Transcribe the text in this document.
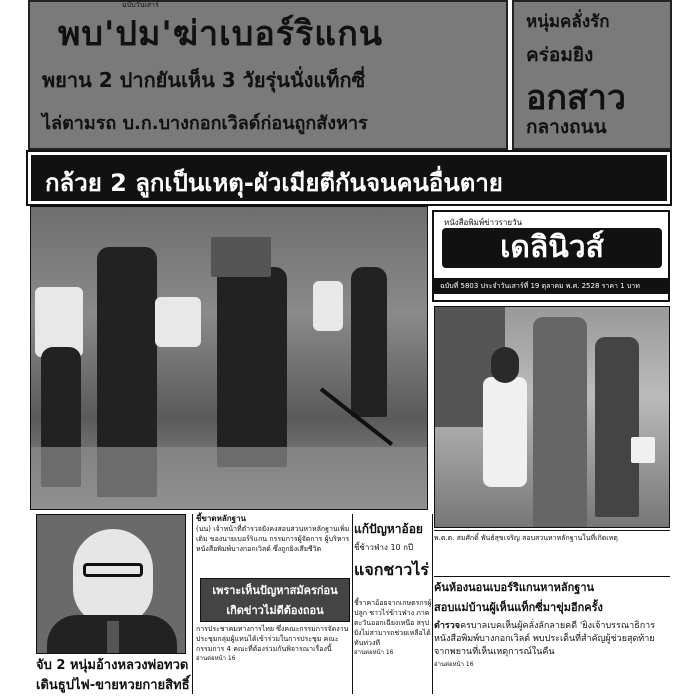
ฉบับวันเสาร์
พบ'ปม'ฆ่าเบอร์ริแกน
พยาน 2 ปากยันเห็น 3 วัยรุ่นนั่งแท็กซี่
ไล่ตามรถ บ.ก.บางกอกเวิลด์ก่อนถูกสังหาร
หนุ่มคลั่งรัก
คร่อมยิง
อกสาว
กลางถนน
กล้วย 2 ลูกเป็นเหตุ-ผัวเมียตีกันจนคนอื่นตาย
หนังสือพิมพ์ข่าวรายวัน
เดลินิวส์
ฉบับที่ 5803 ประจำวันเสาร์ที่ 19 ตุลาคม พ.ศ. 2528 ราคา 1 บาท
พ.ต.ต. สมศักดิ์ พันธ์สุขเจริญ สอบสวนหาหลักฐานในที่เกิดเหตุ
จับ 2 หนุ่มอ้างหลวงพ่อทวด
เดินธูปไฟ-ขายหวยกายสิทธิ์
ชี้ขาดหลักฐาน
(นน) เจ้าหน้าที่ตำรวจยังคงสอบสวนหาหลักฐานเพิ่มเติม ของนายเบอร์ริแกน กรรมการผู้จัดการ ผู้บริหารหนังสือพิมพ์บางกอกเวิลด์ ซึ่งถูกยิงเสียชีวิต
เพราะเห็นปัญหาสมัครก่อน
เกิดข่าวไม่ดีต้องถอน
การประชาคมทางการไทย ซึ่งคณะกรรมการจัดงานประชุมกลุ่มผู้แทนได้เข้าร่วมในการประชุม คณะกรรมการ 4 คณะที่ต้องร่วมกันพิจารณาเรื่องนี้
อ่านต่อหน้า 16
แก้ปัญหาอ้อย
ชี้ช้าวฟ่าง 10 กปี
แจกชาวไร่
ชี้ราคาอ้อยจากเกษตรกรผู้ปลูก ชาวไร่ข้าวฟ่าง ภาคตะวันออกเฉียงเหนือ สรุปยังไม่สามารถช่วยเหลือได้ทันท่วงที
อ่านต่อหน้า 16
ค้นห้องนอนเบอร์ริแกนหาหลักฐาน
สอบแม่บ้านผู้เห็นแท็กซี่มาขุ่มอีกครั้ง
ตำรวจครบาลเบคเห็นผู้คลั่งลักลายคดี 'ยิงเจ้าบรรณาธิการหนังสือพิมพ์บางกอกเวิลด์ พบประเด็นที่สำคัญผู้ช่วยสุดท้ายจากพยานที่เห็นเหตุการณ์ในคืน
อ่านต่อหน้า 16
